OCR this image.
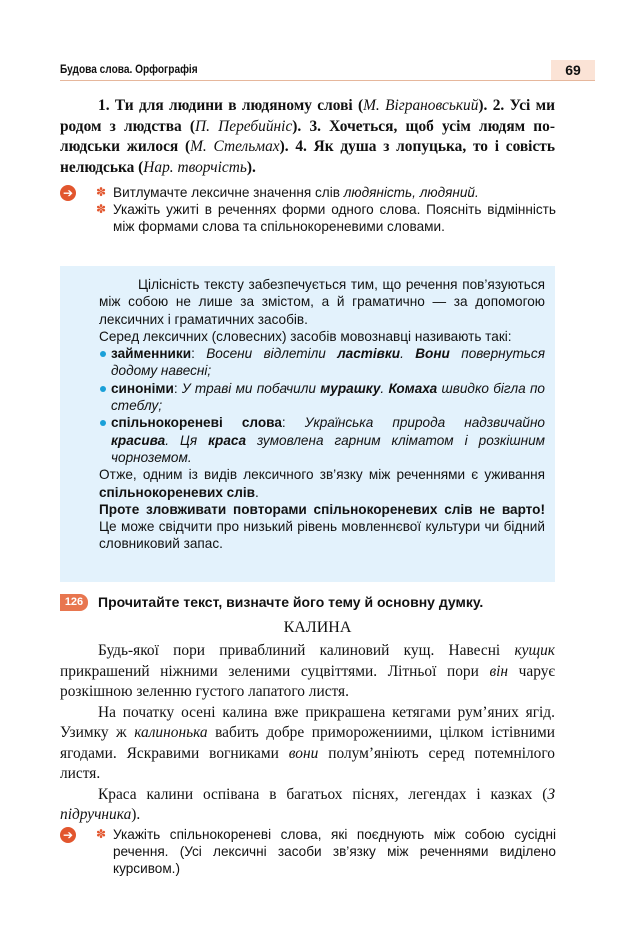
Будова слова. Орфографія	69

1. Ти для людини в людяному слові (М. Віграновський). 2. Усі ми родом з людства (П. Перебийніс). 3. Хочеться, щоб усім людям по-людськи жилося (М. Стельмах). 4. Як душа з лопуцька, то і совість нелюдська (Нар. творчість).

➔ ✽ Витлумачте лексичне значення слів людяність, людяний.

✽ Укажіть ужиті в реченнях форми одного слова. Поясніть відмінність між формами слова та спільнокореневими словами.

Цілісність тексту забезпечується тим, що речення пов’язуються між собою не лише за змістом, а й граматично — за допомогою лексичних і граматичних засобів.

Серед лексичних (словесних) засобів мовознавці називають такі:

займенники: Восени відлетіли ластівки. Вони повернуться додому навесні;
синоніми: У траві ми побачили мурашку. Комаха швидко бігла по стеблу;
спільнокореневі слова: Українська природа надзвичайно красива. Ця краса зумовлена гарним кліматом і розкішним чорноземом.

Отже, одним із видів лексичного зв’язку між реченнями є уживання спільнокореневих слів.

Проте зловживати повторами спільнокореневих слів не варто! Це може свідчити про низький рівень мовленнєвої культури чи бідний словниковий запас.

126	Прочитайте текст, визначте його тему й основну думку.
КАЛИНА

Будь-якої пори приваблиний калиновий кущ. Навесні кущик прикрашений ніжними зеленими суцвіттями. Літньої пори він чарує розкішною зеленню густого лапатого листя.

На початку осені калина вже прикрашена кетягами рум’яних ягід. Узимку ж калинонька вабить добре приморожениими, цілком істівними ягодами. Яскравими вогниками вони полум’яніють серед потемнілого листя.

Краса калини оспівана в багатьох піснях, легендах і казках (З підручника).

➔ ✽ Укажіть спільнокореневі слова, які поєднують між собою сусідні речення. (Усі лексичні засоби зв’язку між реченнями виділено курсивом.)
